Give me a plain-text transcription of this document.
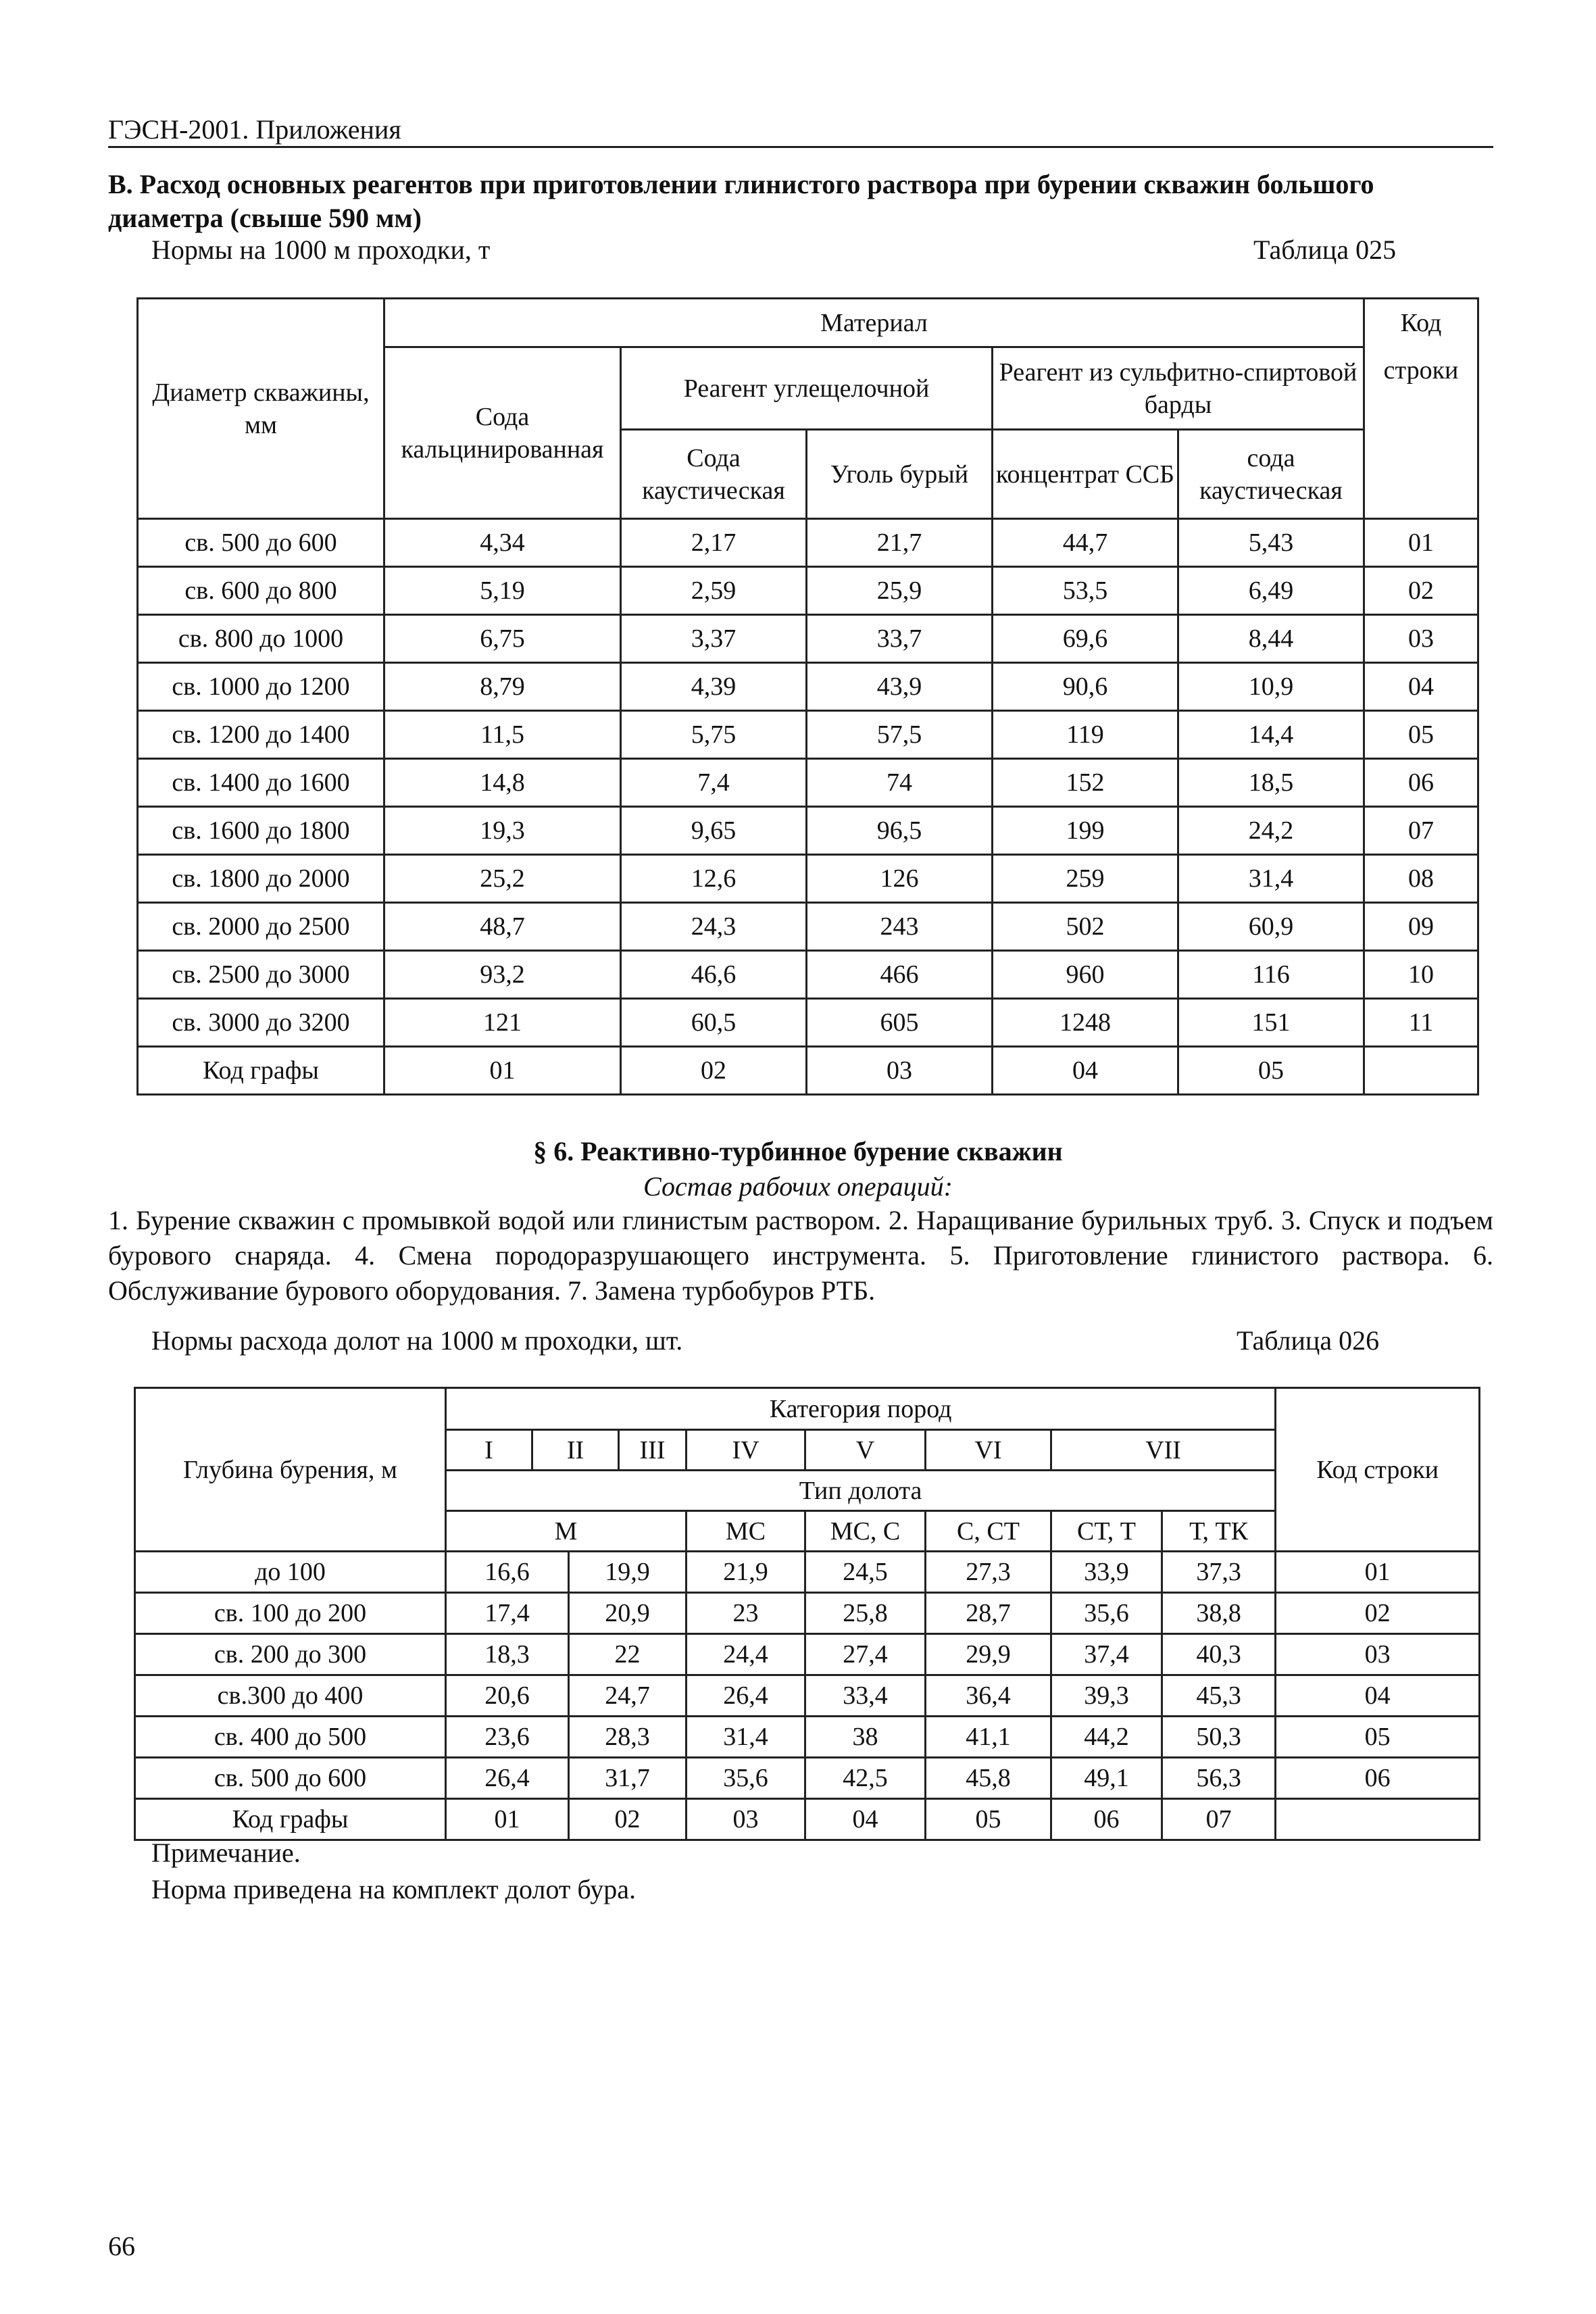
ГЭСН-2001. Приложения
В. Расход основных реагентов при приготовлении глинистого раствора при бурении скважин большого диаметра (свыше 590 мм)
Нормы на 1000 м проходки, т	Таблица 025
Диаметр скважины, мм	Материал					Код
	Сода кальцинированная	Реагент углещелочной		Реагент из сульфитно-спиртовой барды		строки
		Сода каустическая	Уголь бурый	концентрат ССБ	сода каустическая	
св. 500 до 600	4,34	2,17	21,7	44,7	5,43	01
св. 600 до 800	5,19	2,59	25,9	53,5	6,49	02
св. 800 до 1000	6,75	3,37	33,7	69,6	8,44	03
св. 1000 до 1200	8,79	4,39	43,9	90,6	10,9	04
св. 1200 до 1400	11,5	5,75	57,5	119	14,4	05
св. 1400 до 1600	14,8	7,4	74	152	18,5	06
св. 1600 до 1800	19,3	9,65	96,5	199	24,2	07
св. 1800 до 2000	25,2	12,6	126	259	31,4	08
св. 2000 до 2500	48,7	24,3	243	502	60,9	09
св. 2500 до 3000	93,2	46,6	466	960	116	10
св. 3000 до 3200	121	60,5	605	1248	151	11
Код графы	01	02	03	04	05	
§ 6. Реактивно-турбинное бурение скважин
Состав рабочих операций:
1. Бурение скважин с промывкой водой или глинистым раствором. 2. Наращивание бурильных труб. 3. Спуск и подъем бурового снаряда. 4. Смена породоразрушающего инструмента. 5. Приготовление глинистого раствора. 6. Обслуживание бурового оборудования. 7. Замена турбобуров РТБ.
Нормы расхода долот на 1000 м проходки, шт.	Таблица 026
Глубина бурения, м	Категория пород									Код строки
	I	II		III	IV	V	VI	VII		
	Тип долота									
	М				МС	МС, С	С, СТ	СТ, Т	Т, ТК	
до 100	16,6		19,9		21,9	24,5	27,3	33,9	37,3	01
св. 100 до 200	17,4		20,9		23	25,8	28,7	35,6	38,8	02
св. 200 до 300	18,3		22		24,4	27,4	29,9	37,4	40,3	03
св.300 до 400	20,6		24,7		26,4	33,4	36,4	39,3	45,3	04
св. 400 до 500	23,6		28,3		31,4	38	41,1	44,2	50,3	05
св. 500 до 600	26,4		31,7		35,6	42,5	45,8	49,1	56,3	06
Код графы	01		02		03	04	05	06	07	
Примечание.
Норма приведена на комплект долот бура.
66
